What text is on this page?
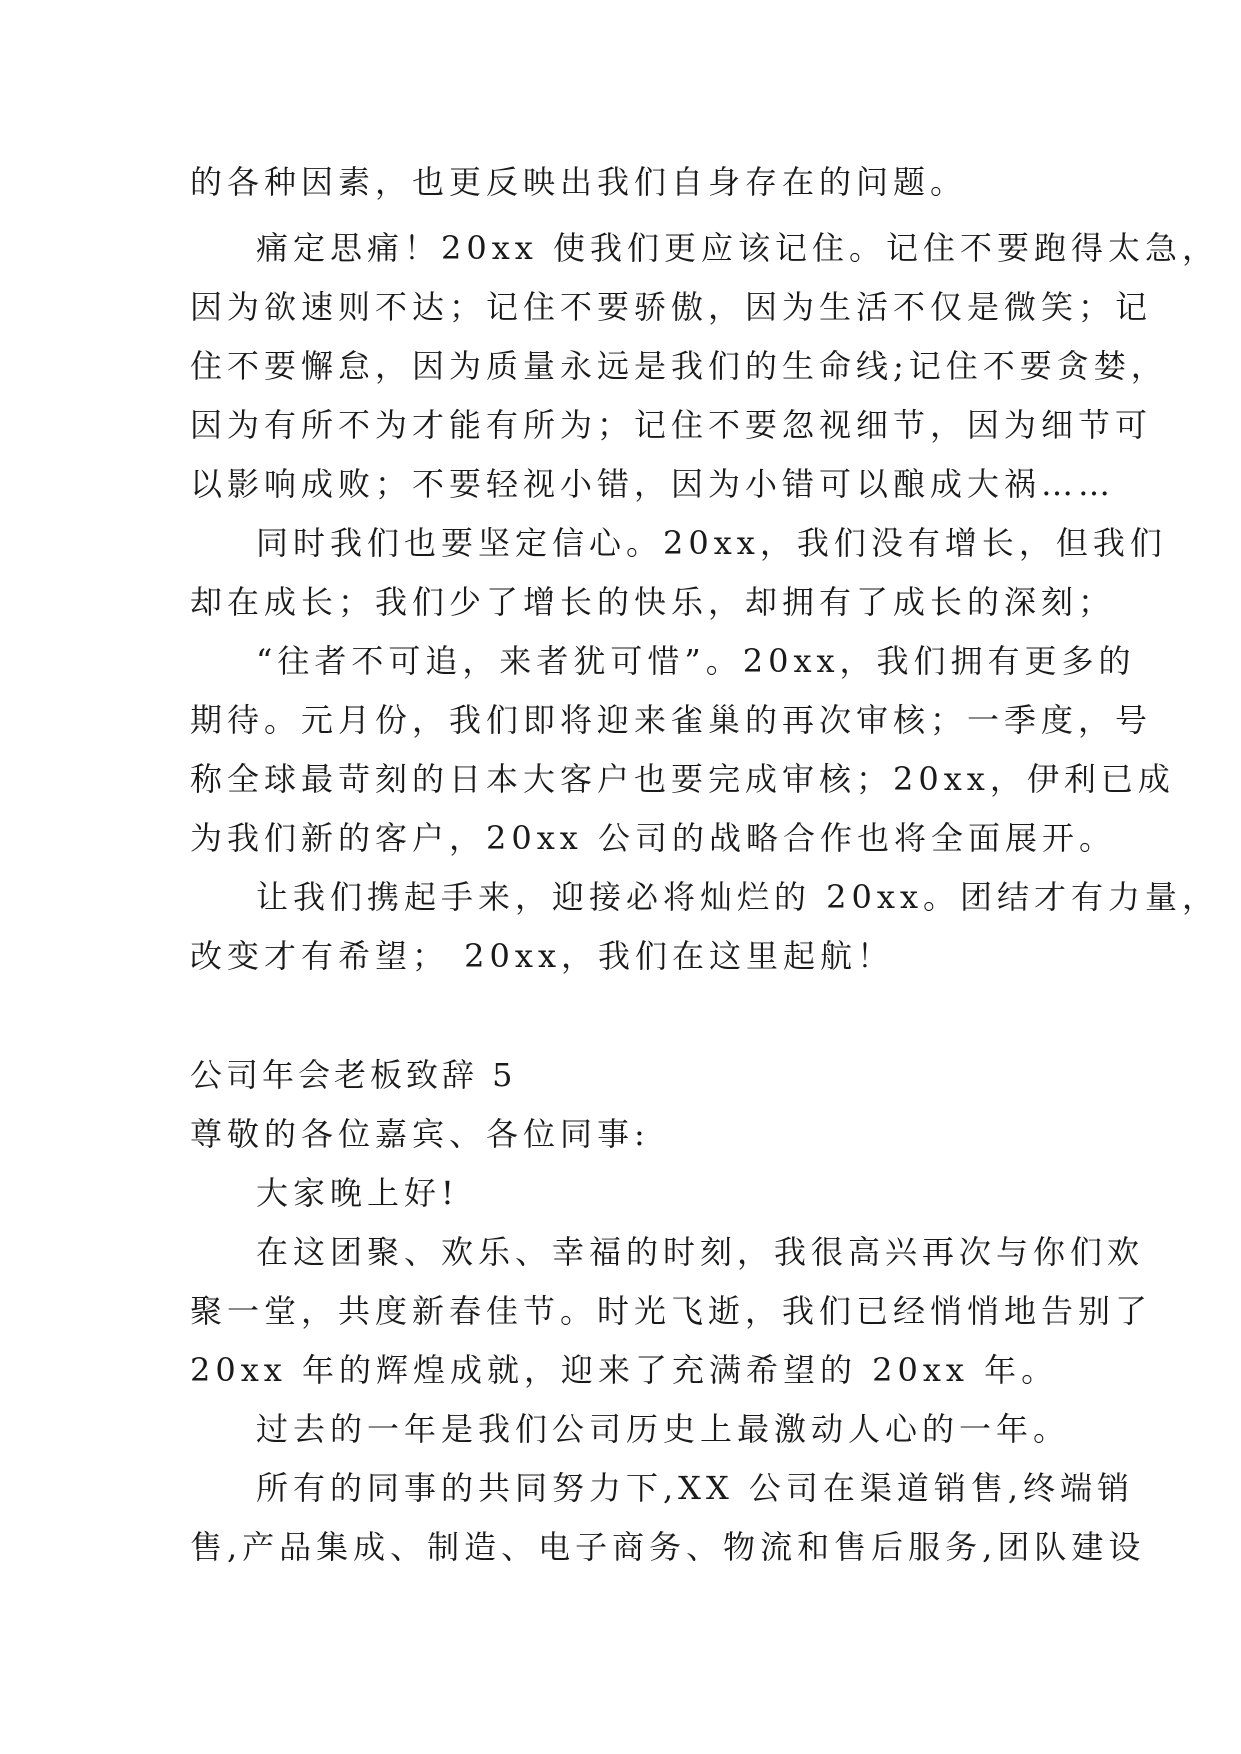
的各种因素，也更反映出我们自身存在的问题。
痛定思痛！20xx 使我们更应该记住。记住不要跑得太急，
因为欲速则不达；记住不要骄傲，因为生活不仅是微笑；记
住不要懈怠，因为质量永远是我们的生命线;记住不要贪婪，
因为有所不为才能有所为；记住不要忽视细节，因为细节可
以影响成败；不要轻视小错，因为小错可以酿成大祸……
同时我们也要坚定信心。20xx，我们没有增长，但我们
却在成长；我们少了增长的快乐，却拥有了成长的深刻；
“往者不可追，来者犹可惜”。20xx，我们拥有更多的
期待。元月份，我们即将迎来雀巢的再次审核；一季度，号
称全球最苛刻的日本大客户也要完成审核；20xx，伊利已成
为我们新的客户，20xx 公司的战略合作也将全面展开。
让我们携起手来，迎接必将灿烂的 20xx。团结才有力量，
改变才有希望； 20xx，我们在这里起航！
公司年会老板致辞 5
尊敬的各位嘉宾、各位同事:
大家晚上好!
在这团聚、欢乐、幸福的时刻，我很高兴再次与你们欢
聚一堂，共度新春佳节。时光飞逝，我们已经悄悄地告别了
20xx 年的辉煌成就，迎来了充满希望的 20xx 年。
过去的一年是我们公司历史上最激动人心的一年。
所有的同事的共同努力下,XX 公司在渠道销售,终端销
售,产品集成、制造、电子商务、物流和售后服务,团队建设
